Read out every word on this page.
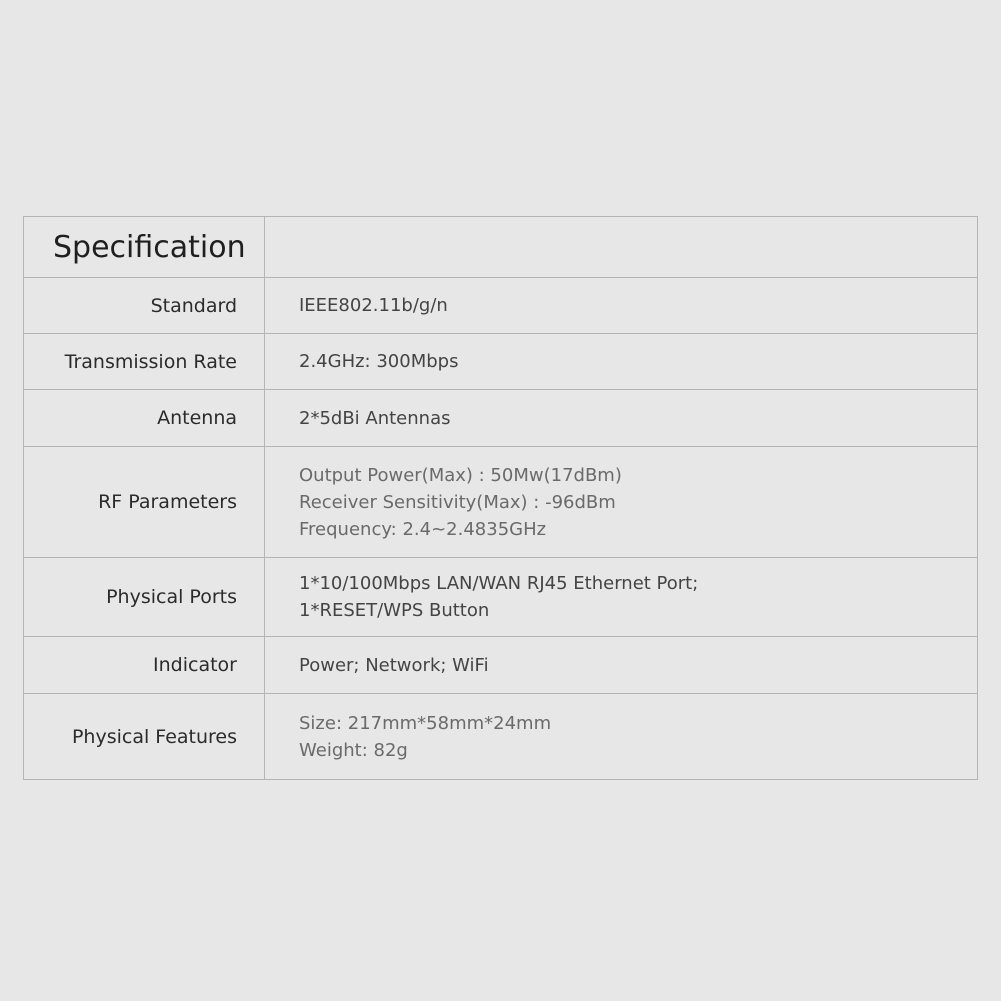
Specification	
Standard	IEEE802.11b/g/n

Transmission Rate	2.4GHz: 300Mbps

Antenna	2*5dBi Antennas

RF Parameters	Output Power(Max) : 50Mw(17dBm)
Receiver Sensitivity(Max) : -96dBm
Frequency: 2.4~2.4835GHz

Physical Ports	1*10/100Mbps LAN/WAN RJ45 Ethernet Port;
1*RESET/WPS Button

Indicator	Power; Network; WiFi

Physical Features	Size: 217mm*58mm*24mm
Weight: 82g
